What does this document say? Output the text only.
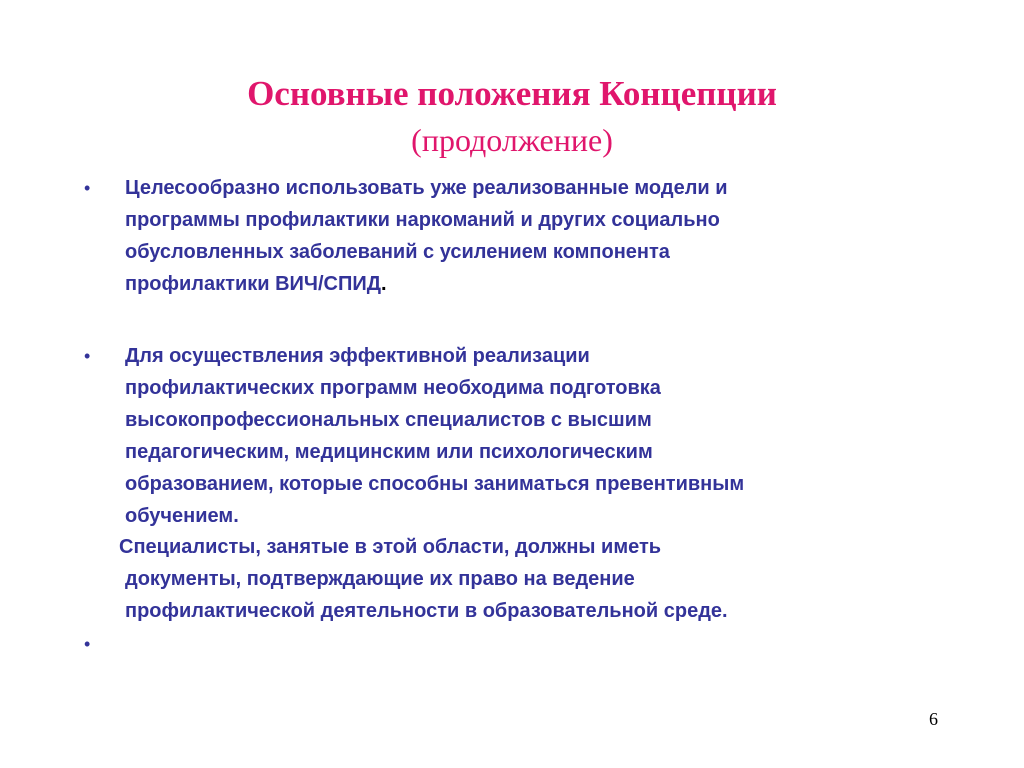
Основные положения Концепции
(продолжение)
•	Целесообразно использовать уже реализованные модели и
программы профилактики наркоманий и других социально
обусловленных заболеваний с усилением компонента
профилактики ВИЧ/СПИД.
•	Для осуществления эффективной реализации
профилактических программ необходима подготовка
высокопрофессиональных специалистов с высшим
педагогическим, медицинским или психологическим
образованием, которые способны заниматься превентивным
обучением.
Специалисты, занятые в этой области, должны иметь
документы, подтверждающие их право на ведение
профилактической деятельности в образовательной среде.
•
6
